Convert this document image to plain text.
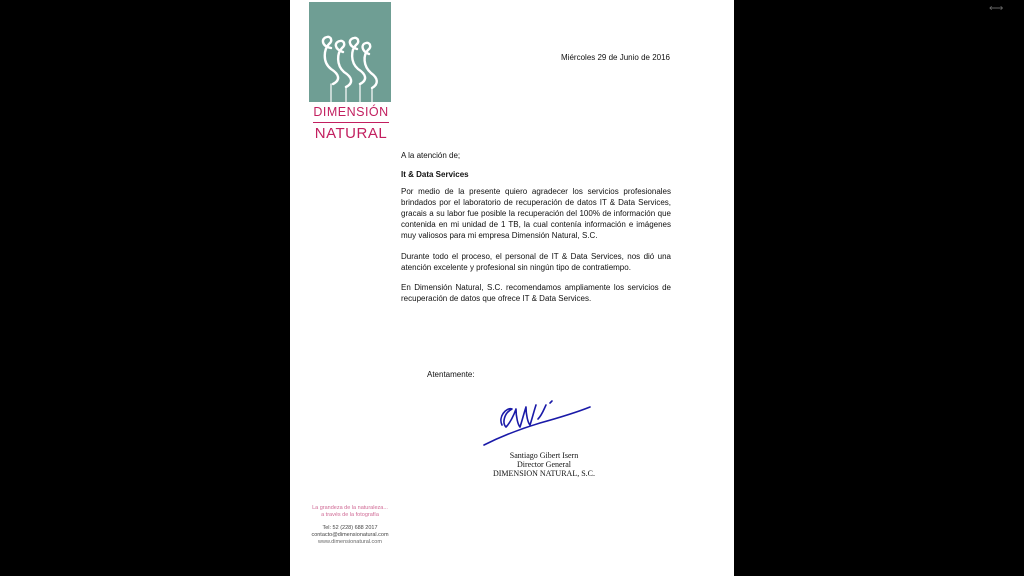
⟷
DIMENSIÓN
NATURAL
Miércoles 29 de Junio de 2016
A la atención de;
It & Data Services
Por medio de la presente quiero agradecer los servicios profesionales brindados por el laboratorio de recuperación de datos IT & Data Services, gracais a su labor fue posible la recuperación del 100% de información que contenida en mi unidad de 1 TB, la cual contenía información e imágenes muy valiosos para mi empresa Dimensión Natural, S.C.
Durante todo el proceso, el personal de IT & Data Services, nos dió una atención excelente y profesional sin ningún tipo de contratiempo.
En Dimensión Natural, S.C. recomendamos ampliamente los servicios de recuperación de datos que ofrece IT & Data Services.
Atentamente:
Santiago Gibert Isern
Director General
DIMENSION NATURAL, S.C.
La grandeza de la naturaleza...
a través de la fotografía
Tel: 52 (228) 688 2017
contacto@dimensionatural.com
www.dimensionatural.com
